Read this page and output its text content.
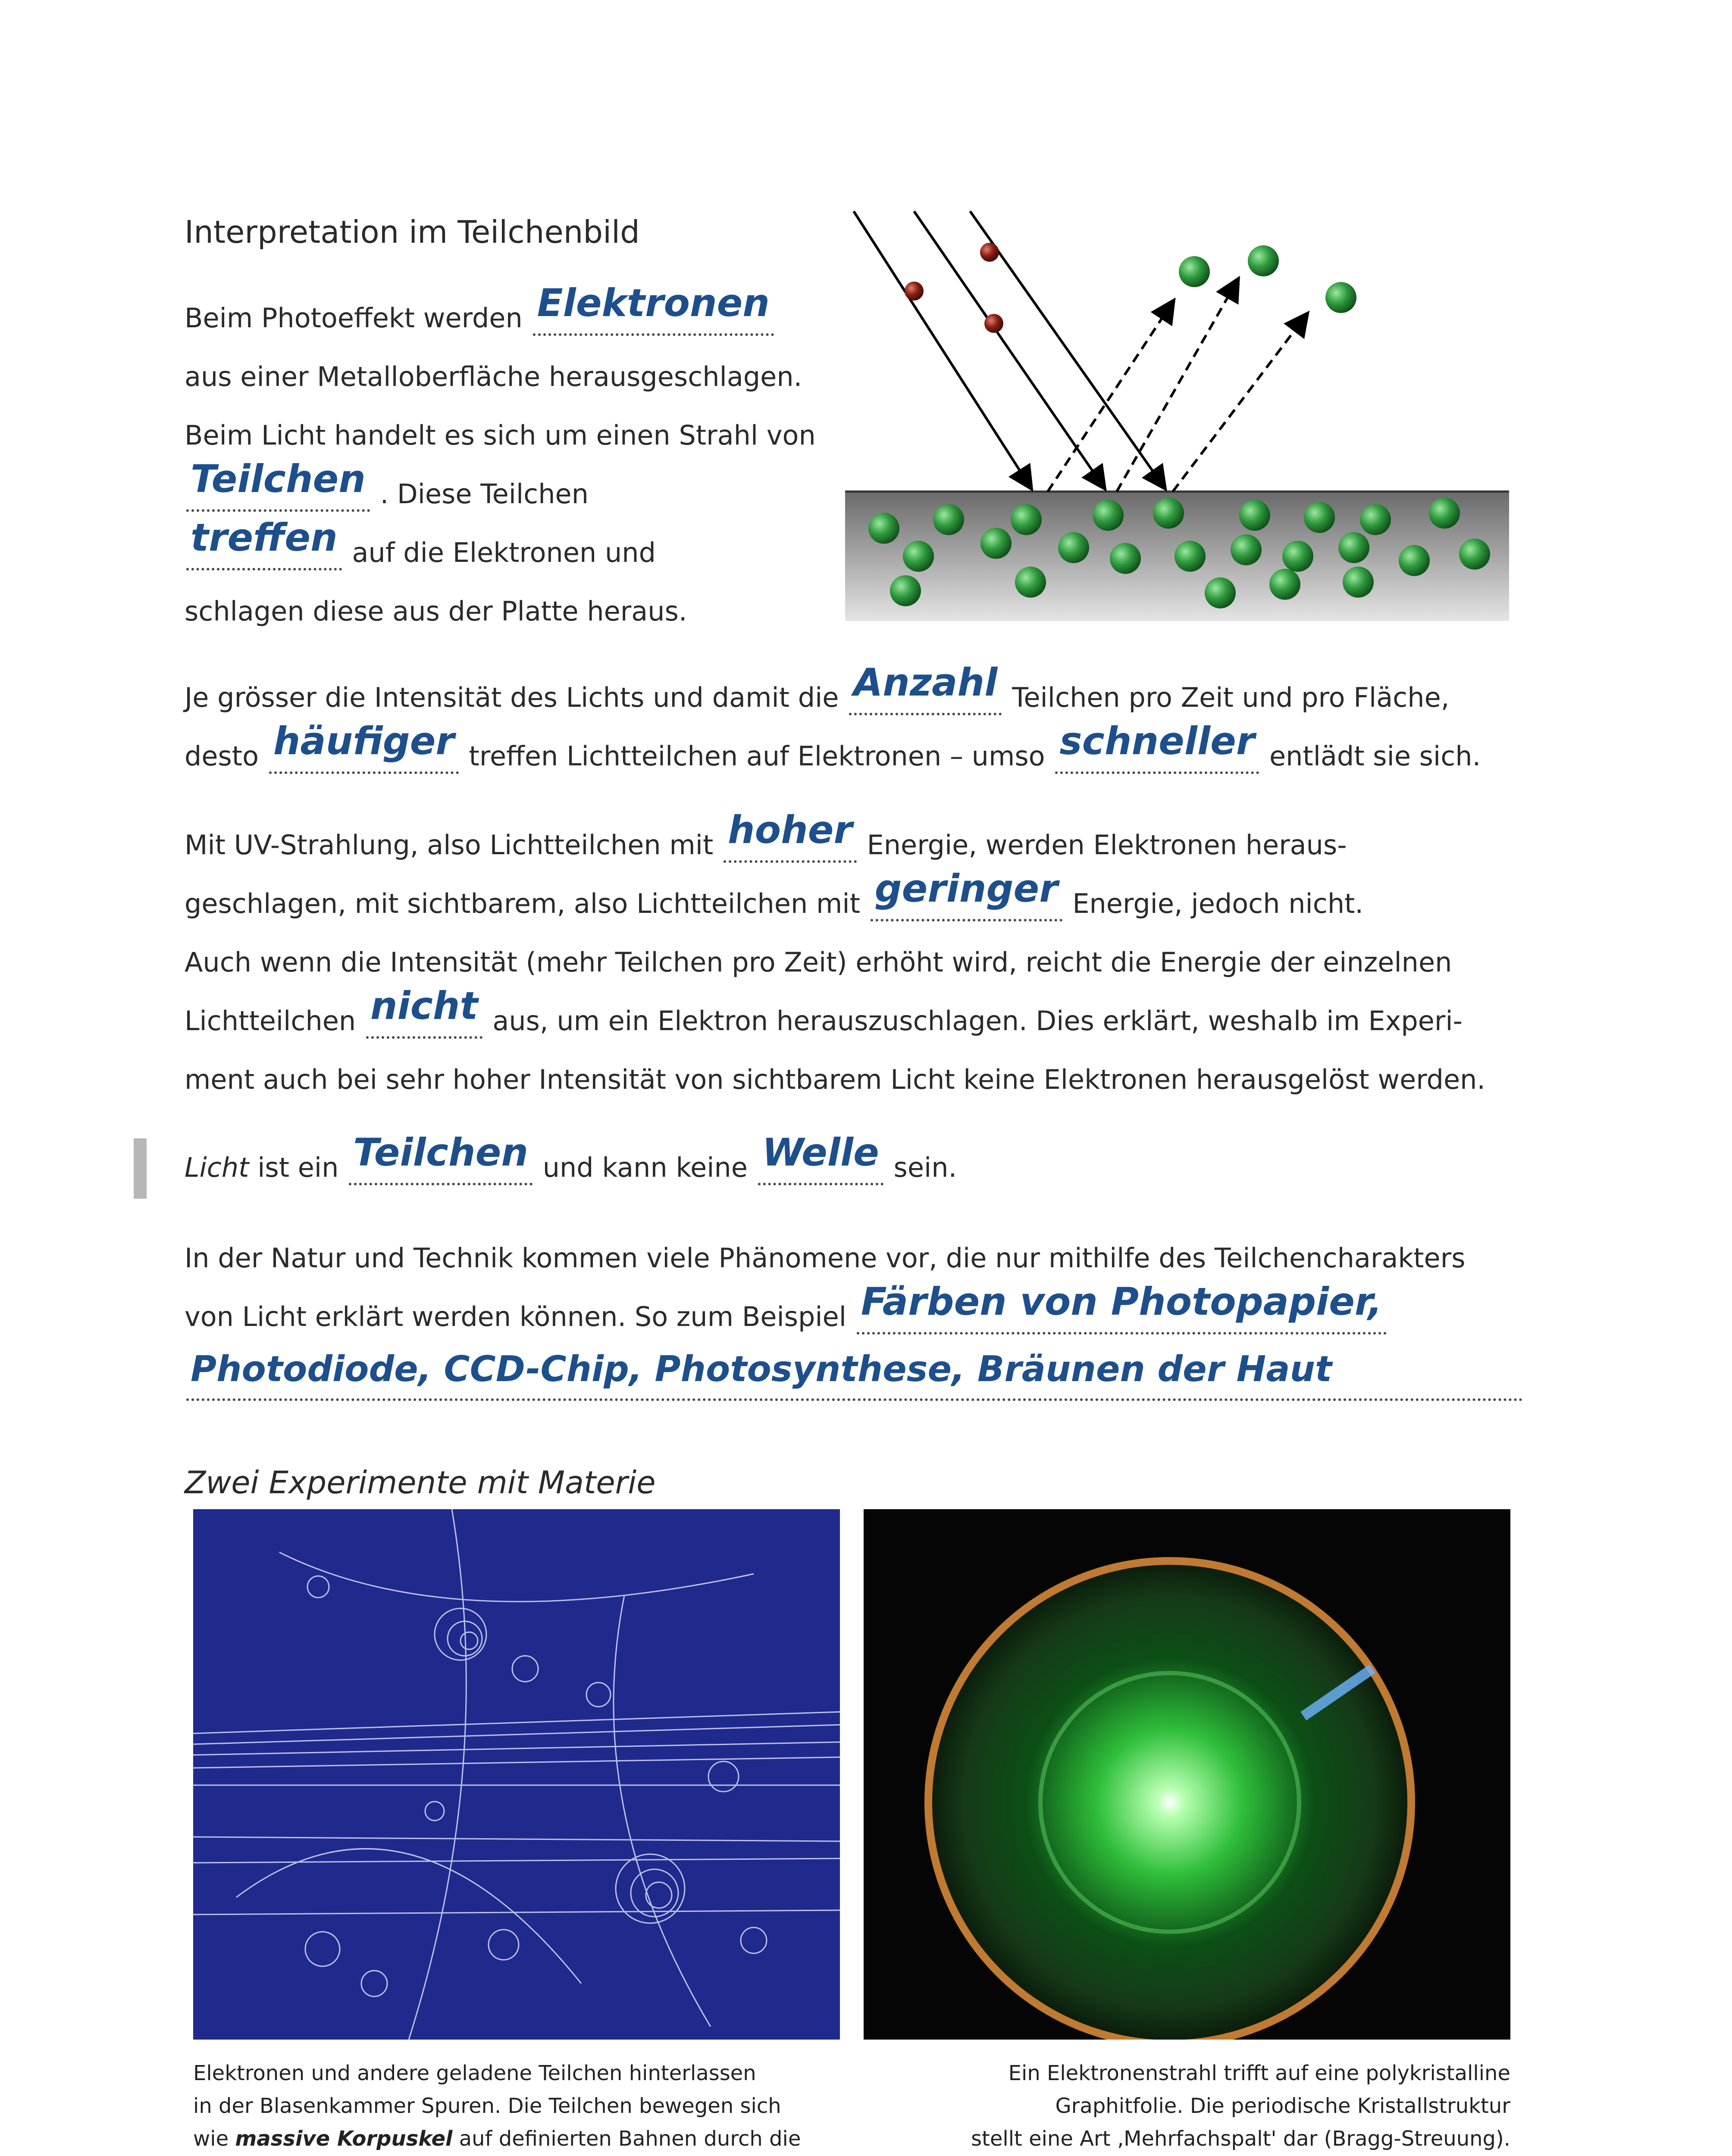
Interpretation im Teilchenbild
Beim Photoeffekt werden Elektronen
aus einer Metalloberfläche herausgeschlagen.
Beim Licht handelt es sich um einen Strahl von
Teilchen . Diese Teilchen
treffen auf die Elektronen und
schlagen diese aus der Platte heraus.
Je grösser die Intensität des Lichts und damit die Anzahl Teilchen pro Zeit und pro Fläche,
desto häufiger treffen Lichtteilchen auf Elektronen – umso schneller entlädt sie sich.
Mit UV-Strahlung, also Lichtteilchen mit hoher Energie, werden Elektronen heraus-
geschlagen, mit sichtbarem, also Lichtteilchen mit geringer Energie, jedoch nicht.
Auch wenn die Intensität (mehr Teilchen pro Zeit) erhöht wird, reicht die Energie der einzelnen
Lichtteilchen nicht aus, um ein Elektron herauszuschlagen. Dies erklärt, weshalb im Experi-
ment auch bei sehr hoher Intensität von sichtbarem Licht keine Elektronen herausgelöst werden.
Licht ist ein Teilchen und kann keine Welle sein.
In der Natur und Technik kommen viele Phänomene vor, die nur mithilfe des Teilchencharakters
von Licht erklärt werden können. So zum Beispiel Färben von Photopapier,
Photodiode, CCD-Chip, Photosynthese, Bräunen der Haut
Zwei Experimente mit Materie
Elektronen und andere geladene Teilchen hinterlassen
in der Blasenkammer Spuren. Die Teilchen bewegen sich
wie massive Korpuskel auf definierten Bahnen durch die
Ein Elektronenstrahl trifft auf eine polykristalline
Graphitfolie. Die periodische Kristallstruktur
stellt eine Art ‚Mehrfachspalt' dar (Bragg-Streuung).
